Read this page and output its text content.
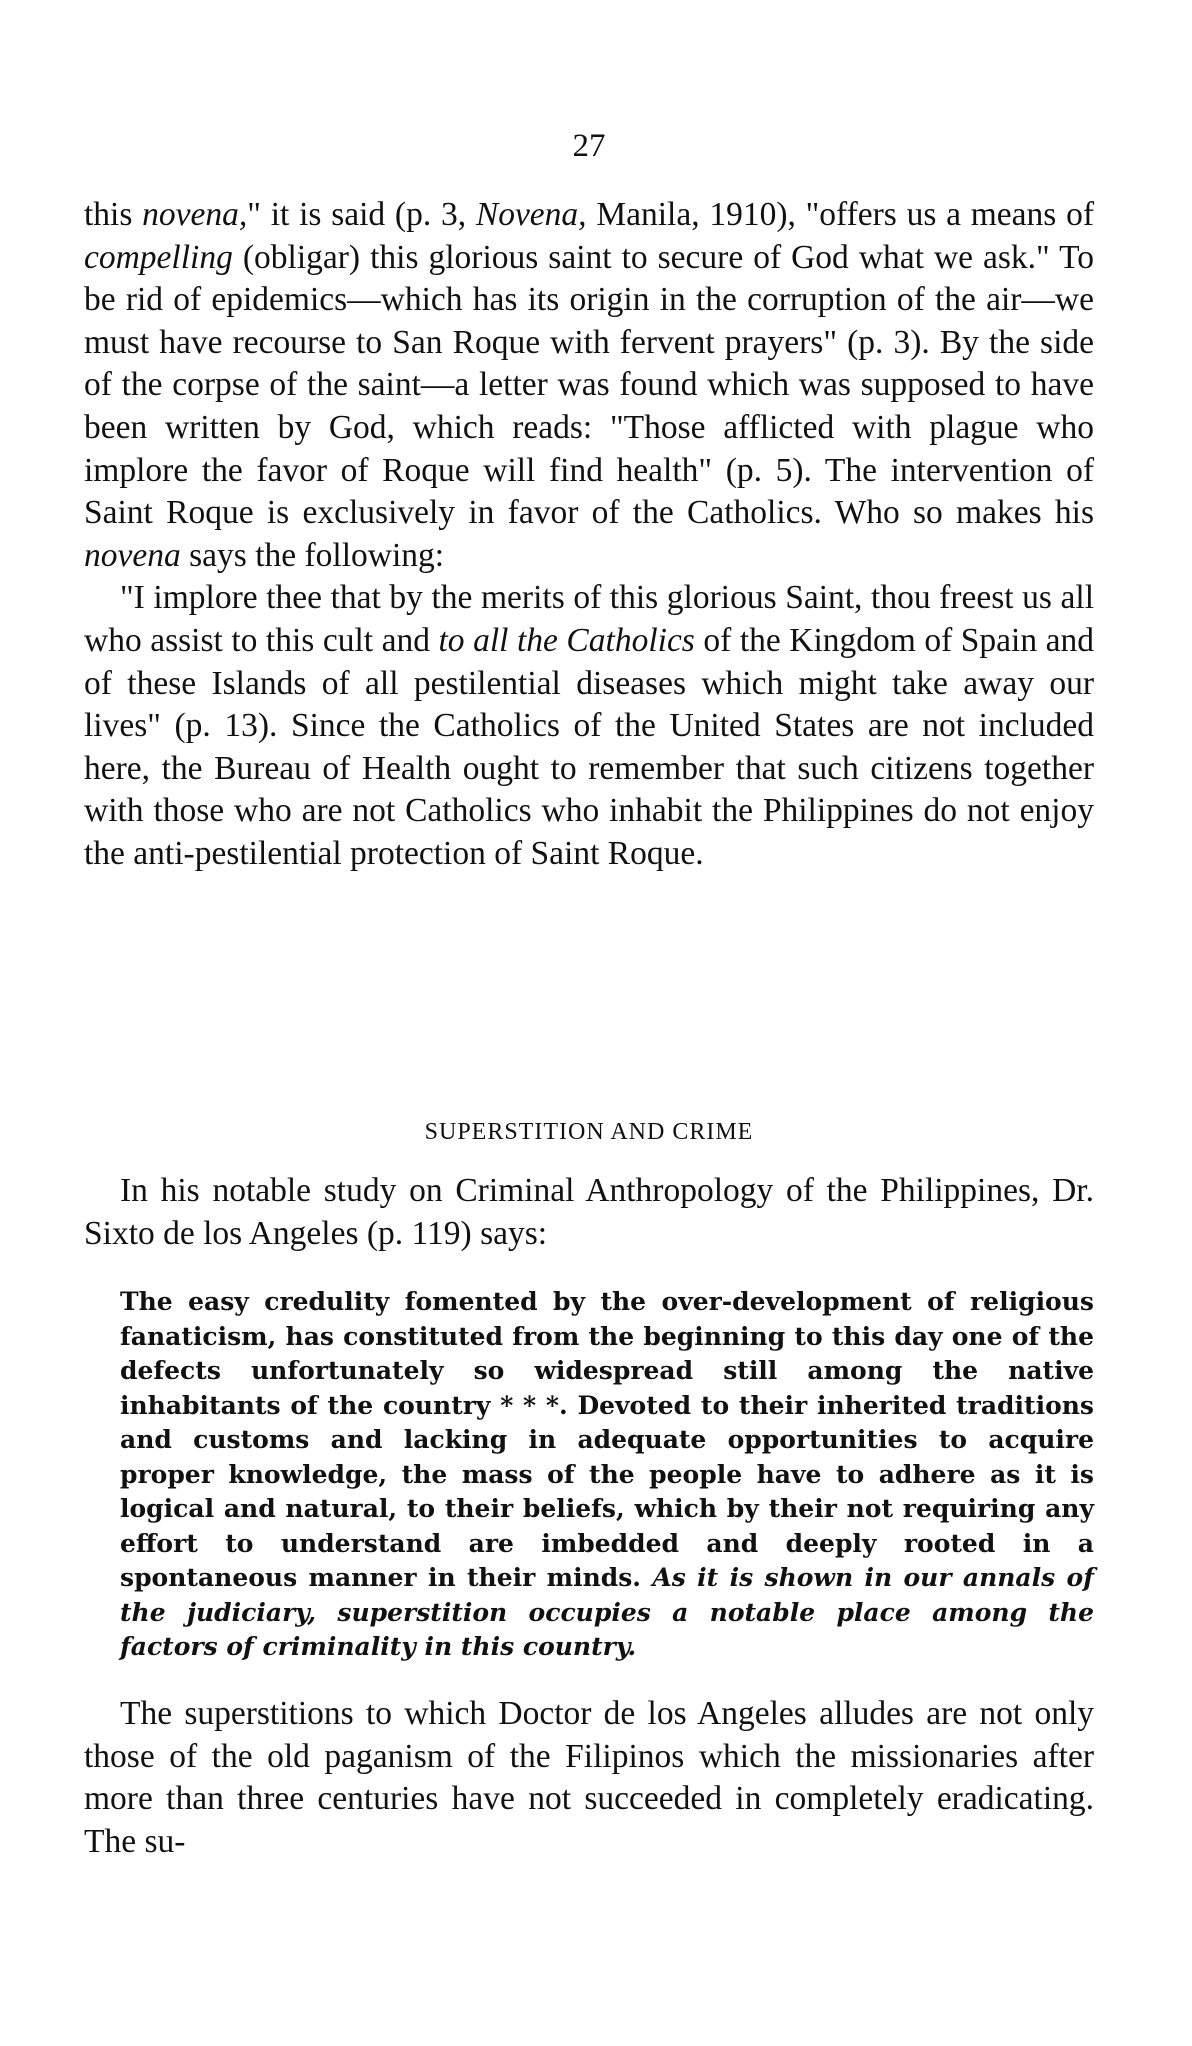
27

this novena," it is said (p. 3, Novena, Manila, 1910), "offers us a means of compelling (obligar) this glorious saint to secure of God what we ask." To be rid of epidemics—which has its origin in the corruption of the air—we must have recourse to San Roque with fervent prayers" (p. 3). By the side of the corpse of the saint—a letter was found which was supposed to have been written by God, which reads: "Those afflicted with plague who implore the favor of Roque will find health" (p. 5). The intervention of Saint Roque is exclusively in favor of the Catholics. Who so makes his novena says the following:

"I implore thee that by the merits of this glorious Saint, thou freest us all who assist to this cult and to all the Catholics of the Kingdom of Spain and of these Islands of all pestilential diseases which might take away our lives" (p. 13). Since the Catholics of the United States are not included here, the Bureau of Health ought to remember that such citizens together with those who are not Catholics who inhabit the Philippines do not enjoy the anti-pestilential protection of Saint Roque.

SUPERSTITION AND CRIME

In his notable study on Criminal Anthropology of the Philippines, Dr. Sixto de los Angeles (p. 119) says:

The easy credulity fomented by the over-development of religious fanaticism, has constituted from the beginning to this day one of the defects unfortunately so widespread still among the native inhabitants of the country * * *. Devoted to their inherited traditions and customs and lacking in adequate opportunities to acquire proper knowledge, the mass of the people have to adhere as it is logical and natural, to their beliefs, which by their not requiring any effort to understand are imbedded and deeply rooted in a spontaneous manner in their minds. As it is shown in our annals of the judiciary, superstition occupies a notable place among the factors of criminality in this country.

The superstitions to which Doctor de los Angeles alludes are not only those of the old paganism of the Filipinos which the missionaries after more than three centuries have not succeeded in completely eradicating. The su-
